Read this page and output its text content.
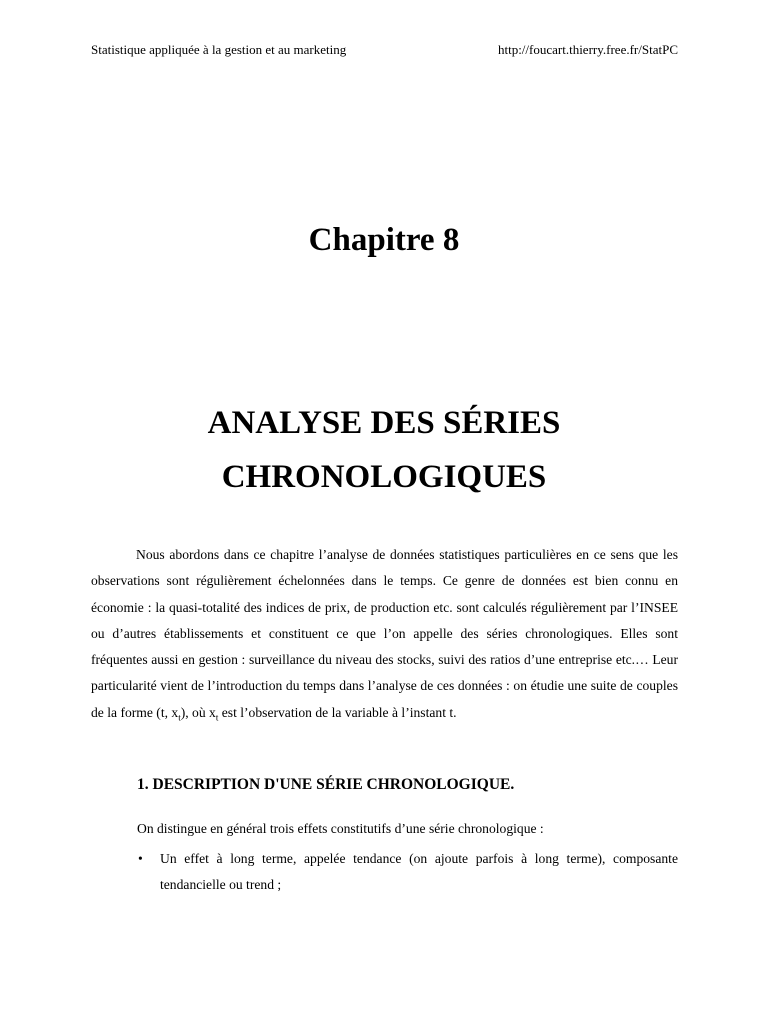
Statistique appliquée à la gestion et au marketing	http://foucart.thierry.free.fr/StatPC
Chapitre 8
ANALYSE DES SÉRIES
CHRONOLOGIQUES

Nous abordons dans ce chapitre l’analyse de données statistiques particulières en ce sens que les observations sont régulièrement échelonnées dans le temps. Ce genre de données est bien connu en économie : la quasi-totalité des indices de prix, de production etc. sont calculés régulièrement par l’INSEE ou d’autres établissements et constituent ce que l’on appelle des séries chronologiques. Elles sont fréquentes aussi en gestion : surveillance du niveau des stocks, suivi des ratios d’une entreprise etc.… Leur particularité vient de l’introduction du temps dans l’analyse de ces données : on étudie une suite de couples de la forme (t, $x_t$), où $x_t$ est l’observation de la variable à l’instant t.

1. DESCRIPTION D'UNE SÉRIE CHRONOLOGIQUE.

On distingue en général trois effets constitutifs d’une série chronologique :

• Un effet à long terme, appelée tendance (on ajoute parfois à long terme), composante tendancielle ou trend ;
